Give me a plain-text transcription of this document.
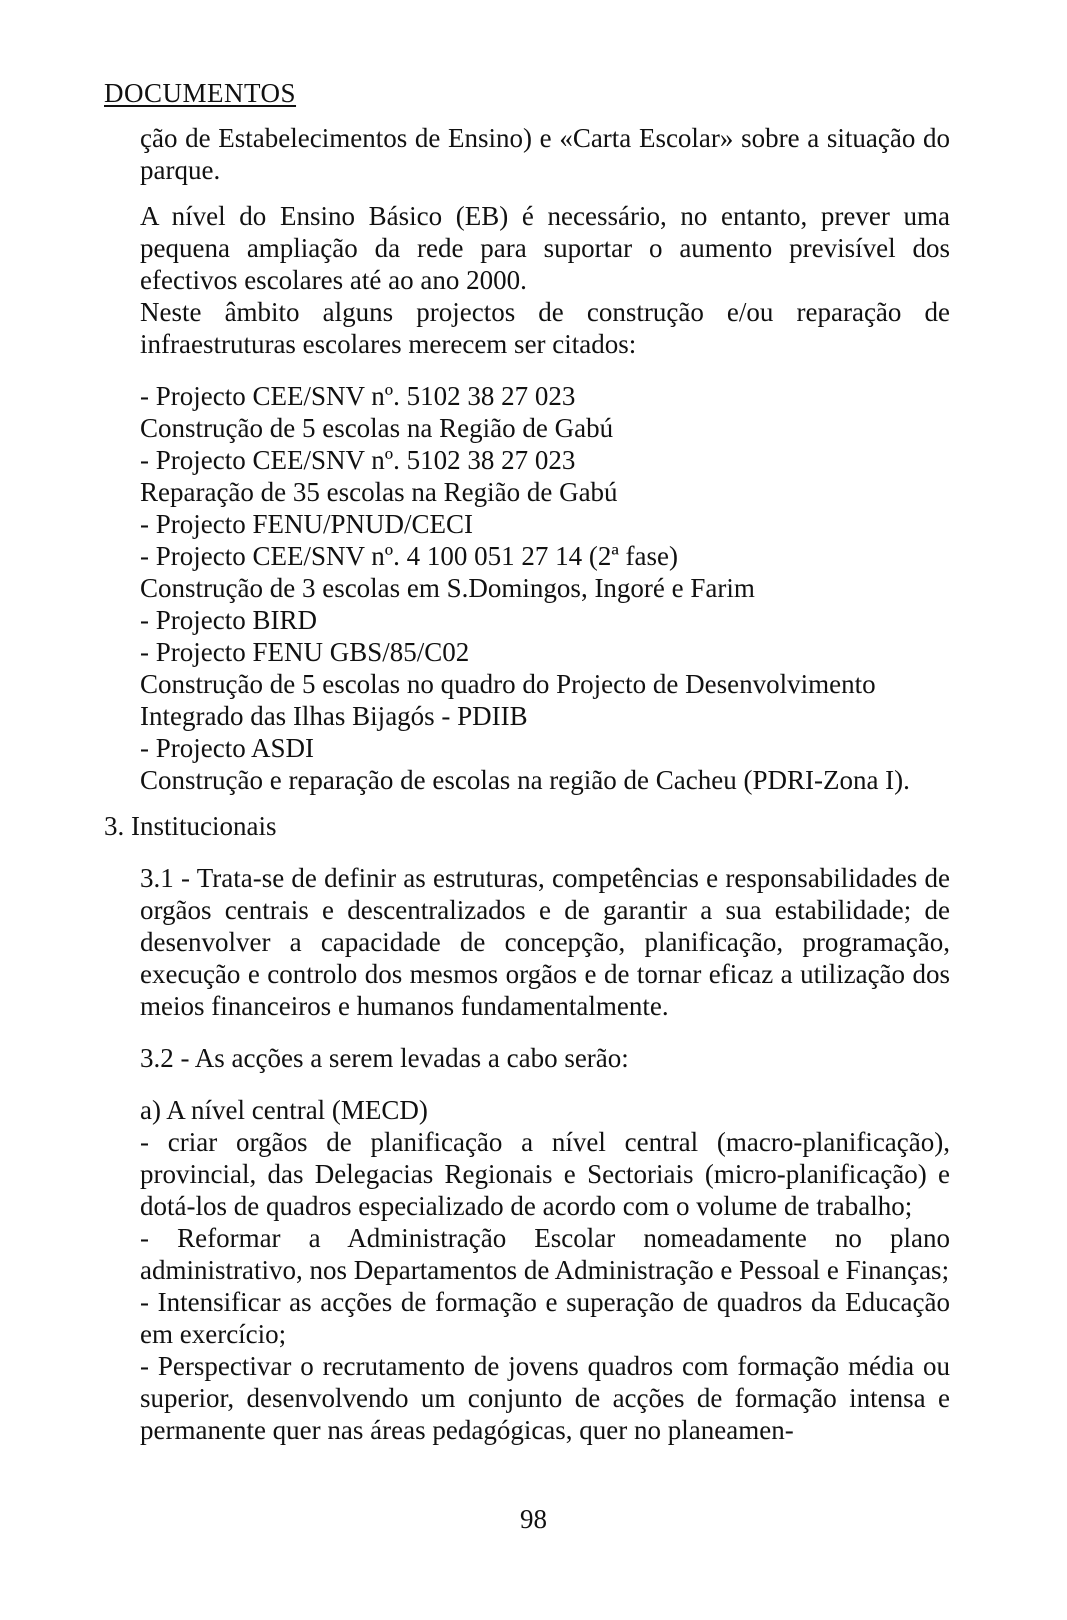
DOCUMENTOS

ção de Estabelecimentos de Ensino) e «Carta Escolar» sobre a situação do parque.

A nível do Ensino Básico (EB) é necessário, no entanto, prever uma pequena ampliação da rede para suportar o aumento previsível dos efectivos escolares até ao ano 2000.

Neste âmbito alguns projectos de construção e/ou reparação de infraestruturas escolares merecem ser citados:

- Projecto CEE/SNV nº. 5102 38 27 023
Construção de 5 escolas na Região de Gabú
- Projecto CEE/SNV nº. 5102 38 27 023
Reparação de 35 escolas na Região de Gabú
- Projecto FENU/PNUD/CECI
- Projecto CEE/SNV nº. 4 100 051 27 14 (2ª fase)
Construção de 3 escolas em S.Domingos, Ingoré e Farim
- Projecto BIRD
- Projecto FENU GBS/85/C02
Construção de 5 escolas no quadro do Projecto de Desenvolvimento
Integrado das Ilhas Bijagós - PDIIB
- Projecto ASDI
Construção e reparação de escolas na região de Cacheu (PDRI-Zona I).

3. Institucionais

3.1 - Trata-se de definir as estruturas, competências e responsabilidades de orgãos centrais e descentralizados e de garantir a sua estabilidade; de desenvolver a capacidade de concepção, planificação, programação, execução e controlo dos mesmos orgãos e de tornar eficaz a utilização dos meios financeiros e humanos fundamentalmente.

3.2 - As acções a serem levadas a cabo serão:

a) A nível central (MECD)

- criar orgãos de planificação a nível central (macro-planificação), provincial, das Delegacias Regionais e Sectoriais (micro-planificação) e dotá-los de quadros especializado de acordo com o volume de trabalho;

- Reformar a Administração Escolar nomeadamente no plano administrativo, nos Departamentos de Administração e Pessoal e Finanças;

- Intensificar as acções de formação e superação de quadros da Educação em exercício;

- Perspectivar o recrutamento de jovens quadros com formação média ou superior, desenvolvendo um conjunto de acções de formação intensa e permanente quer nas áreas pedagógicas, quer no planeamen-

98
